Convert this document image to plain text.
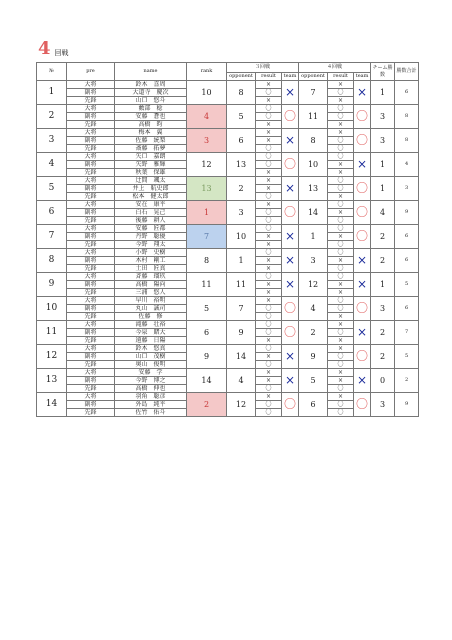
4 回戦
№	pre	name	rank	３回戦			４回戦			チーム勝数	勝数合計
				opponent	result	team	opponent	result	team		
1	大将	鈴木　喜周	10	8	×	×	7	×	×	1	6
	副将	大道寺　慶次			〇			〇			
	先鋒	山口　悠斗			×			×			
2	大将	藪部　稔	4	5	〇	〇	11	〇	〇	3	8
	副将	安藤　蒼也			〇			〇			
	先鋒	高橋　昀			×			×			
3	大将	梅本　翼	3	6	×	×	8	×	〇	3	8
	副将	佐藤　統梨			×			〇			
	先鋒	斎藤　拓夢			〇			〇			
4	大将	矢口　嘉朗	12	13	〇	〇	10	〇	×	1	4
	副将	矢野　雅輝			〇			×			
	先鋒	秋葉　保雄			×			×			
5	大将	辻間　颯太	13	2	×	×	13	〇	〇	1	3
	副将	井上　航史郎			×			〇			
	先鋒	松本　健太郎			〇			×			
6	大将	安在　康平	1	3	×	〇	14	〇	〇	4	9
	副将	白石　晃己			〇			×			
	先鋒	後藤　耕人			〇			〇			
7	大将	安藤　匠都	7	10	〇	×	1	〇	〇	2	6
	副将	丹野　聡優			×			×			
	先鋒	今野　翔太			×			〇			
8	大将	小野　史樹	8	1	〇	×	3	〇	×	2	6
	副将	木村　剛工			×			×			
	先鋒	土田　匠真			×			〇			
9	大将	斉藤　瑠玖	11	11	〇	×	12	〇	×	1	5
	副将	高橋　陽向			×			×			
	先鋒	三浦　悠人			×			×			
10	大将	早川　裕明	5	7	×	〇	4	〇	〇	3	6
	副将	丸山　誠司			〇			〇			
	先鋒	佐藤　修			〇			×			
11	大将	滝藤　壮裕	6	9	〇	〇	2	×	×	2	7
	副将	今泉　賭大			〇			〇			
	先鋒	遠藤　日陽			×			×			
12	大将	鈴木　悠真	9	14	〇	×	9	×	〇	2	5
	副将	山口　茂樹			×			〇			
	先鋒	奥山　俊明			〇			〇			
13	大将	安藤　学	14	4	×	×	5	×	×	0	2
	副将	今野　博之			×			×			
	先鋒	高橋　伸也			〇			〇			
14	大将	羽角　聡彦	2	12	×	〇	6	×	〇	3	9
	副将	外島　純平			〇			〇			
	先鋒	佐竹　佑斗			〇			〇			
